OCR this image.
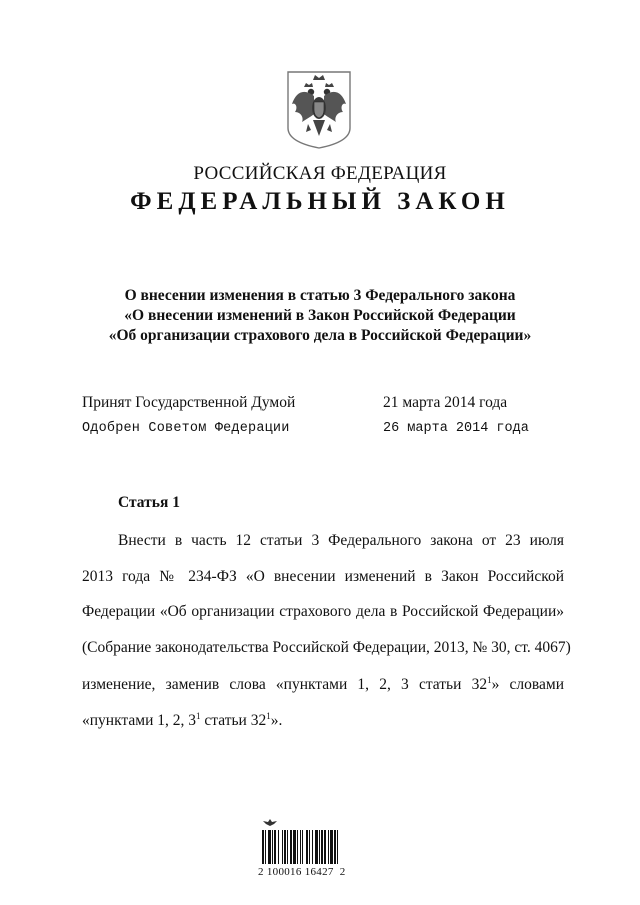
РОССИЙСКАЯ ФЕДЕРАЦИЯ
ФЕДЕРАЛЬНЫЙ ЗАКОН
О внесении изменения в статью 3 Федерального закона
«О внесении изменений в Закон Российской Федерации
«Об организации страхового дела в Российской Федерации»
Принят Государственной Думой	21 марта 2014 года
Одобрен Советом Федерации	26 марта 2014 года
Статья 1
Внести в часть 12 статьи 3 Федерального закона от 23 июля
2013 года № 234-ФЗ «О внесении изменений в Закон Российской
Федерации «Об организации страхового дела в Российской Федерации»
(Собрание законодательства Российской Федерации, 2013, № 30, ст. 4067)
изменение, заменив слова «пунктами 1, 2, 3 статьи $32^1$» словами
«пунктами 1, 2, $3^1$ статьи $32^1$».
2 100016 16427  2
